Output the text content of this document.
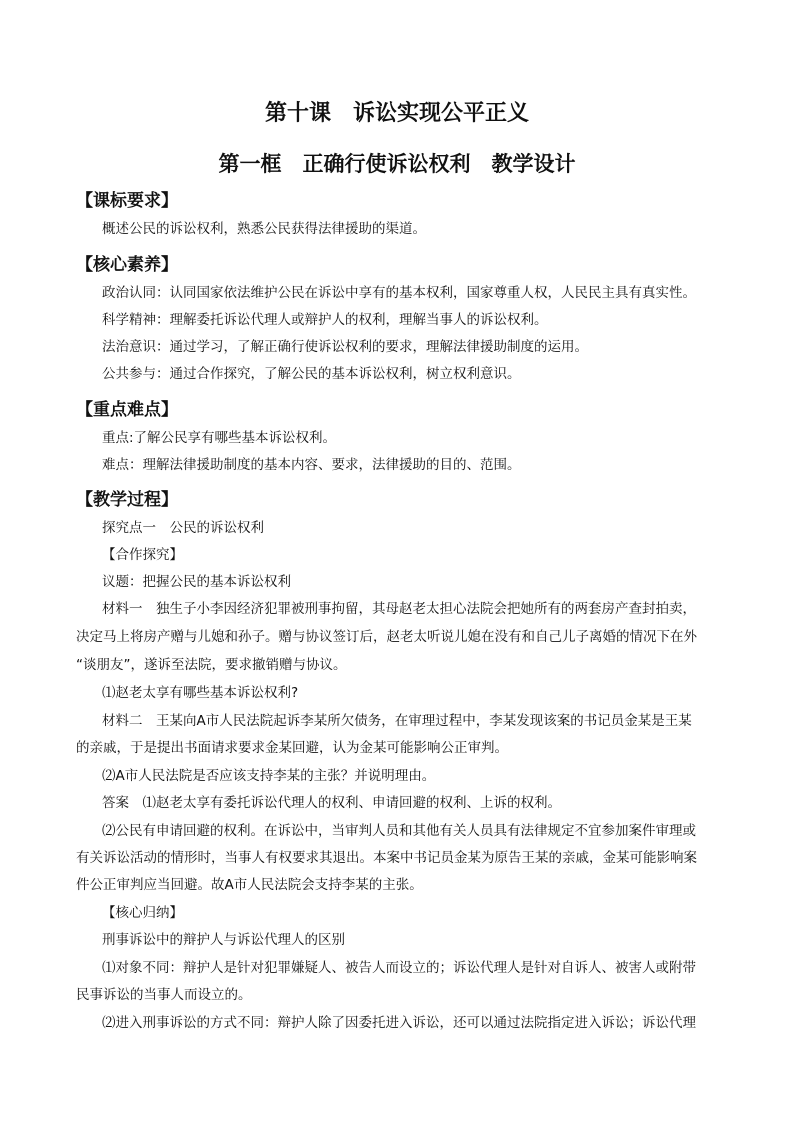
第十课　诉讼实现公平正义
第一框　正确行使诉讼权利　教学设计
【课标要求】
概述公民的诉讼权利，熟悉公民获得法律援助的渠道。
【核心素养】
政治认同：认同国家依法维护公民在诉讼中享有的基本权利，国家尊重人权，人民民主具有真实性。
科学精神：理解委托诉讼代理人或辩护人的权利，理解当事人的诉讼权利。
法治意识：通过学习，了解正确行使诉讼权利的要求，理解法律援助制度的运用。
公共参与：通过合作探究，了解公民的基本诉讼权利，树立权利意识。
【重点难点】
重点:了解公民享有哪些基本诉讼权利。
难点：理解法律援助制度的基本内容、要求，法律援助的目的、范围。
【教学过程】
探究点一　公民的诉讼权利
【合作探究】
议题：把握公民的基本诉讼权利
材料一　独生子小李因经济犯罪被刑事拘留，其母赵老太担心法院会把她所有的两套房产查封拍卖，
决定马上将房产赠与儿媳和孙子。赠与协议签订后，赵老太听说儿媳在没有和自己儿子离婚的情况下在外
“谈朋友”，遂诉至法院，要求撤销赠与协议。
⑴赵老太享有哪些基本诉讼权利?
材料二　王某向A市人民法院起诉李某所欠债务，在审理过程中，李某发现该案的书记员金某是王某
的亲戚，于是提出书面请求要求金某回避，认为金某可能影响公正审判。
⑵A市人民法院是否应该支持李某的主张？并说明理由。
答案　⑴赵老太享有委托诉讼代理人的权利、申请回避的权利、上诉的权利。
⑵公民有申请回避的权利。在诉讼中，当审判人员和其他有关人员具有法律规定不宜参加案件审理或
有关诉讼活动的情形时，当事人有权要求其退出。本案中书记员金某为原告王某的亲戚，金某可能影响案
件公正审判应当回避。故A市人民法院会支持李某的主张。
【核心归纳】
刑事诉讼中的辩护人与诉讼代理人的区别
⑴对象不同：辩护人是针对犯罪嫌疑人、被告人而设立的；诉讼代理人是针对自诉人、被害人或附带
民事诉讼的当事人而设立的。
⑵进入刑事诉讼的方式不同：辩护人除了因委托进入诉讼，还可以通过法院指定进入诉讼；诉讼代理
